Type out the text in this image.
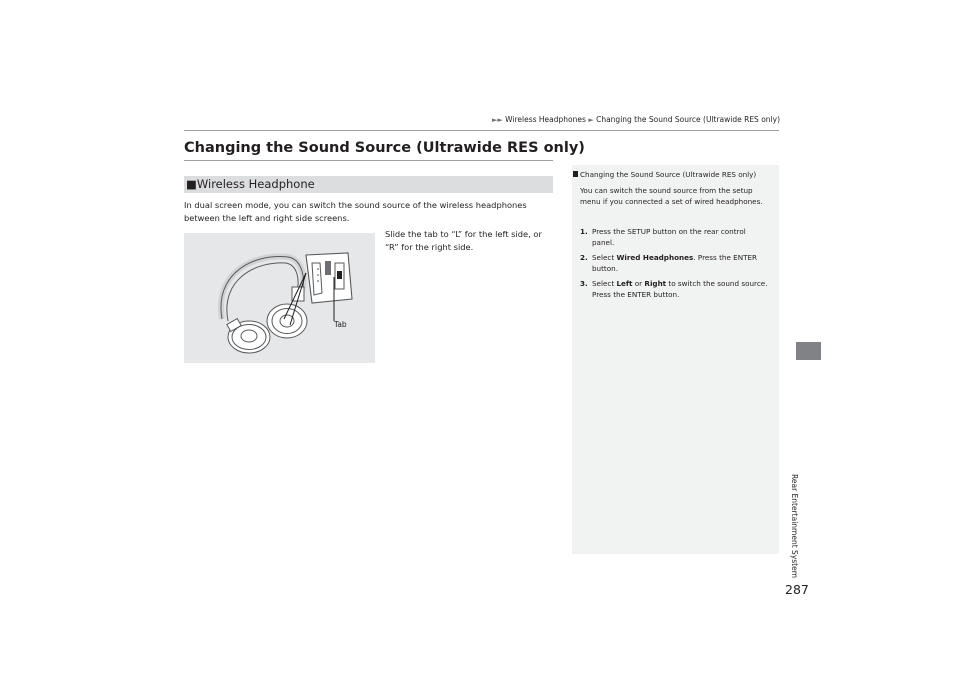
►► Wireless Headphones ► Changing the Sound Source (Ultrawide RES only)
Changing the Sound Source (Ultrawide RES only)
■Wireless Headphone
In dual screen mode, you can switch the sound source of the wireless headphones between the left and right side screens.
Slide the tab to “L” for the left side, or “R” for the right side.
Tab
Changing the Sound Source (Ultrawide RES only)
You can switch the sound source from the setup menu if you connected a set of wired headphones.
1. Press the SETUP button on the rear control panel.
2. Select Wired Headphones. Press the ENTER button.
3. Select Left or Right to switch the sound source. Press the ENTER button.
Rear Entertainment System
287
